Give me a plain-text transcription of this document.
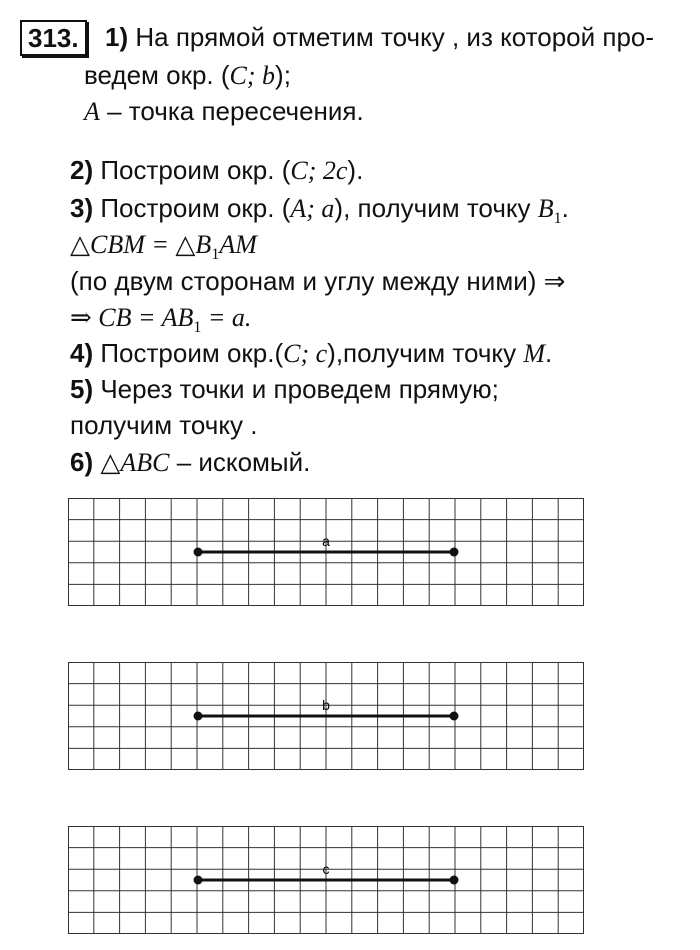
313.	1) На прямой отметим точку , из которой про-
ведем окр. (C; b);
A – точка пересечения.
2) Построим окр. (C; 2c).
3) Построим окр. (A; a), получим точку $B_1$.
△CBM = $\triangle B_1AM$
(по двум сторонам и углу между ними) ⇒
⇒ CB = $AB_1 = a$.
4) Построим окр.(C; c),получим точку M.
5) Через точки и проведем прямую;
получим точку .
6) △ABC – искомый.
a
b
c
